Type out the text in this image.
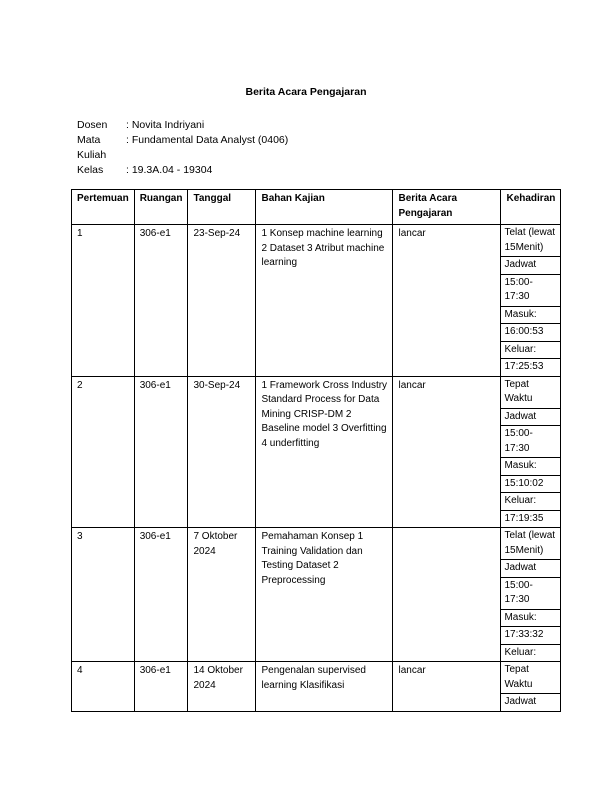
Berita Acara Pengajaran
Dosen	: Novita Indriyani
Mata Kuliah
: Fundamental Data Analyst (0406)
Kelas	: 19.3A.04 - 19304
Pertemuan	Ruangan	Tanggal	Bahan Kajian	Berita Acara Pengajaran	Kehadiran
1	306-e1	23-Sep-24	1 Konsep machine learning 2 Dataset 3 Atribut machine learning	lancar	Telat (lewat 15Menit)
					Jadwat
					15:00-17:30
					Masuk:
					16:00:53
					Keluar:
					17:25:53
2	306-e1	30-Sep-24	1 Framework Cross Industry Standard Process for Data Mining CRISP-DM 2 Baseline model 3 Overfitting 4 underfitting	lancar	Tepat Waktu
					Jadwat
					15:00-17:30
					Masuk:
					15:10:02
					Keluar:
					17:19:35
3	306-e1	7 Oktober 2024	Pemahaman Konsep 1 Training Validation dan Testing Dataset 2 Preprocessing		Telat (lewat 15Menit)
					Jadwat
					15:00-17:30
					Masuk:
					17:33:32
					Keluar:
4	306-e1	14 Oktober 2024	Pengenalan supervised learning Klasifikasi	lancar	Tepat Waktu
					Jadwat
